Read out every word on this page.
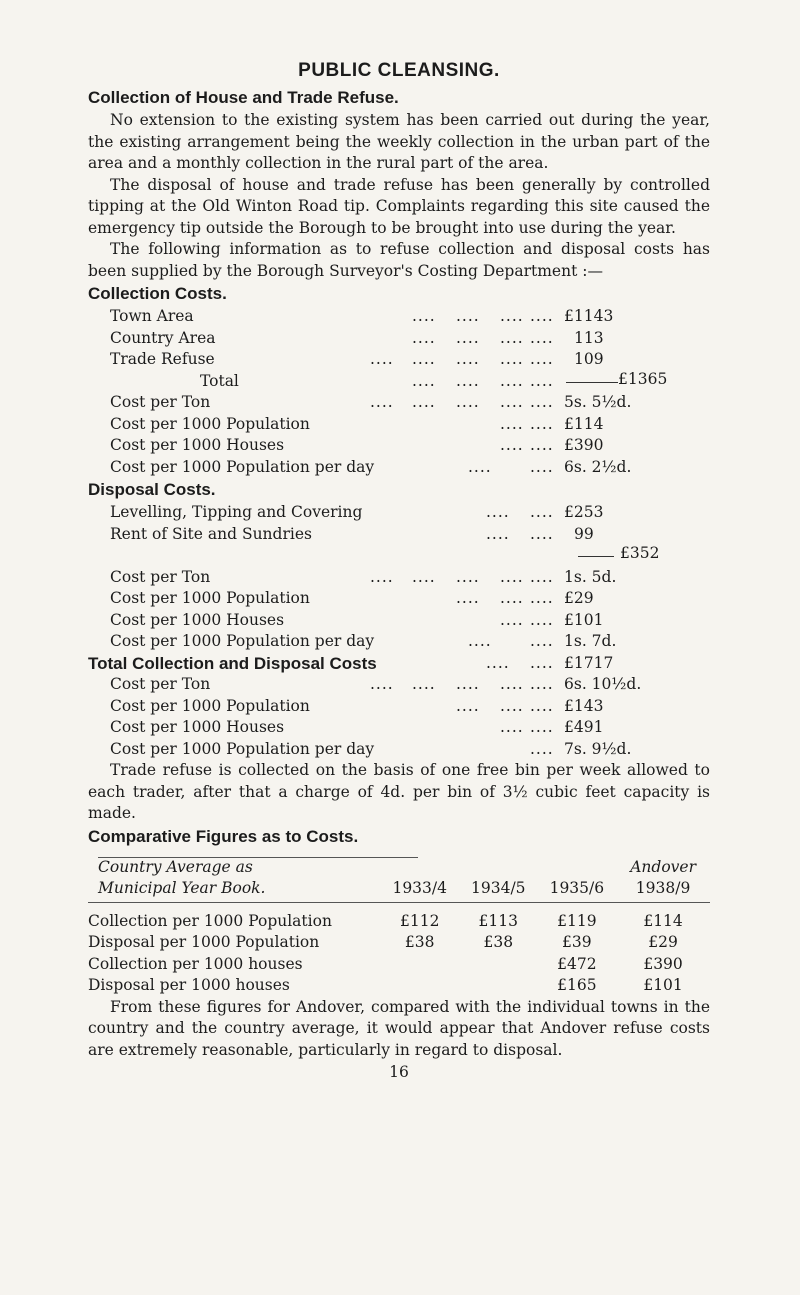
PUBLIC CLEANSING.
Collection of House and Trade Refuse.

No extension to the existing system has been carried out during the year, the existing arrangement being the weekly collection in the urban part of the area and a monthly collection in the rural part of the area.

The disposal of house and trade refuse has been generally by controlled tipping at the Old Winton Road tip. Complaints regarding this site caused the emergency tip outside the Borough to be brought into use during the year.

The following information as to refuse collection and disposal costs has been supplied by the Borough Surveyor's Costing Department :—

Collection Costs.
Town Area	.... .... .... .... £1143
Country Area	.... .... .... .... 113
Trade Refuse	.... .... .... .... .... 109
Total	.... .... .... ....	£1365
Cost per Ton	.... .... .... .... .... 5s. 5½d.
Cost per 1000 Population	.... .... £114
Cost per 1000 Houses	.... .... £390
Cost per 1000 Population per day	.... .... 6s. 2½d.
Disposal Costs.
Levelling, Tipping and Covering	.... .... £253
Rent of Site and Sundries	.... .... 99
£352
Cost per Ton	.... .... .... .... .... 1s. 5d.
Cost per 1000 Population	.... .... .... £29
Cost per 1000 Houses	.... .... £101
Cost per 1000 Population per day	.... .... 1s. 7d.
Total Collection and Disposal Costs	.... .... £1717
Cost per Ton	.... .... .... .... .... 6s. 10½d.
Cost per 1000 Population	.... .... .... £143
Cost per 1000 Houses	.... .... £491
Cost per 1000 Population per day	.... 7s. 9½d.

Trade refuse is collected on the basis of one free bin per week allowed to each trader, after that a charge of 4d. per bin of 3½ cubic feet capacity is made.

Comparative Figures as to Costs.
Country Average as				Andover
Municipal Year Book.	1933/4	1934/5	1935/6	1938/9
Collection per 1000 Population	£112	£113	£119	£114
Disposal per 1000 Population	£38	£38	£39	£29
Collection per 1000 houses			£472	£390
Disposal per 1000 houses			£165	£101

From these figures for Andover, compared with the individual towns in the country and the country average, it would appear that Andover refuse costs are extremely reasonable, particularly in regard to disposal.

16
